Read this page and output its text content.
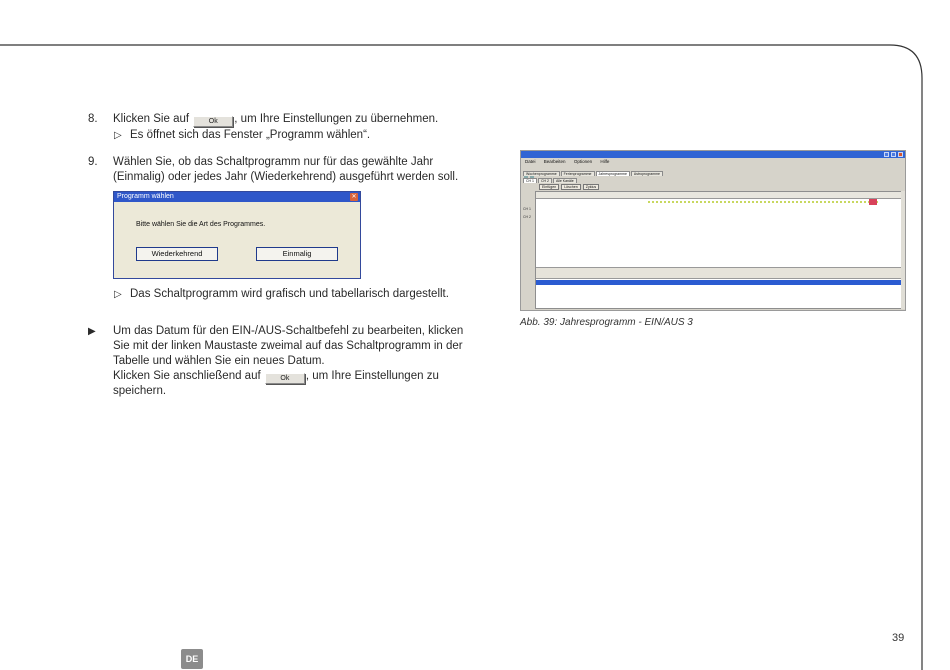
8. Klicken Sie auf	Ok , um Ihre Einstellungen zu übernehmen.
▷ Es öffnet sich das Fenster „Programm wählen“.
9. Wählen Sie, ob das Schaltprogramm nur für das gewählte Jahr (Einmalig) oder jedes Jahr (Wiederkehrend) ausgeführt werden soll.
Programm wählen	✕
Bitte wählen Sie die Art des Programmes.
Wiederkehrend	Einmalig
▷ Das Schaltprogramm wird grafisch und tabellarisch dargestellt.
▶ Um das Datum für den EIN-/AUS-Schaltbefehl zu bearbeiten, klicken Sie mit der linken Maustaste zweimal auf das Schaltprogramm in der Tabelle und wählen Sie ein neues Datum.
Klicken Sie anschließend auf	Ok , um Ihre Einstellungen zu speichern.
Datei Bearbeiten Optionen Hilfe
Wochenprogramme Ferienprogramme Jahresprogramme Astroprogramme
CH 1 CH 2 Alle Kanäle
Einfügen Löschen Zyklus
CH 1
CH 2
Abb. 39: Jahresprogramm - EIN/AUS 3
39
DE
